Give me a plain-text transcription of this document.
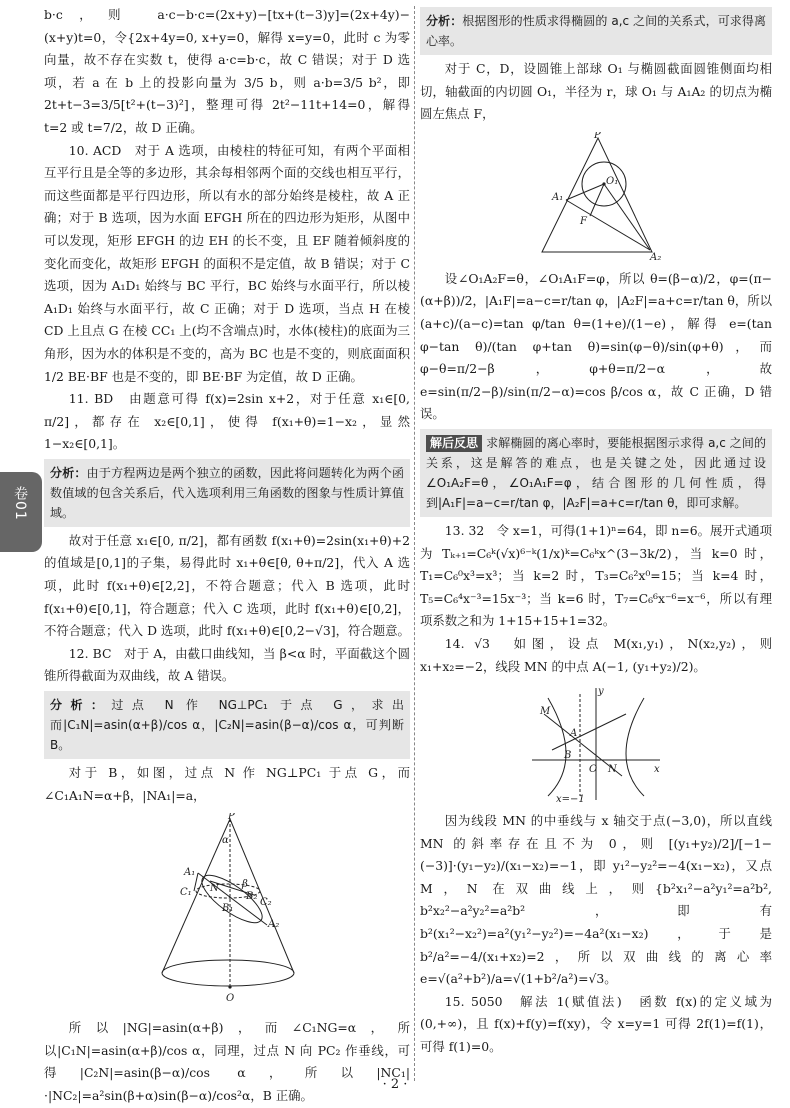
卷01

b·c，则 a·c−b·c=(2x+y)−[tx+(t−3)y]=(2x+4y)−(x+y)t=0，令{2x+4y=0, x+y=0，解得 x=y=0，此时 c 为零向量，故不存在实数 t，使得 a·c=b·c，故 C 错误；对于 D 选项，若 a 在 b 上的投影向量为 3/5 b，则 a·b=3/5 b²，即 2t+t−3=3/5[t²+(t−3)²]，整理可得 2t²−11t+14=0，解得 t=2 或 t=7/2，故 D 正确。

10. ACD　对于 A 选项，由棱柱的特征可知，有两个平面相互平行且是全等的多边形，其余每相邻两个面的交线也相互平行，而这些面都是平行四边形，所以有水的部分始终是棱柱，故 A 正确；对于 B 选项，因为水面 EFGH 所在的四边形为矩形，从图中可以发现，矩形 EFGH 的边 EH 的长不变，且 EF 随着倾斜度的变化而变化，故矩形 EFGH 的面积不是定值，故 B 错误；对于 C 选项，因为 A₁D₁ 始终与 BC 平行，BC 始终与水面平行，所以棱 A₁D₁ 始终与水面平行，故 C 正确；对于 D 选项，当点 H 在棱 CD 上且点 G 在棱 CC₁ 上(均不含端点)时，水体(棱柱)的底面为三角形，因为水的体积是不变的，高为 BC 也是不变的，则底面面积 1/2 BE·BF 也是不变的，即 BE·BF 为定值，故 D 正确。

11. BD　由题意可得 f(x)=2sin x+2，对于任意 x₁∈[0, π/2]，都存在 x₂∈[0,1]，使得 f(x₁+θ)=1−x₂，显然 1−x₂∈[0,1]。

分析：由于方程两边是两个独立的函数，因此将问题转化为两个函数值域的包含关系后，代入选项利用三角函数的图象与性质计算值域。

故对于任意 x₁∈[0, π/2]，都有函数 f(x₁+θ)=2sin(x₁+θ)+2 的值域是[0,1]的子集，易得此时 x₁+θ∈[θ, θ+π/2]，代入 A 选项，此时 f(x₁+θ)∈[2,2]，不符合题意；代入 B 选项，此时 f(x₁+θ)∈[0,1]，符合题意；代入 C 选项，此时 f(x₁+θ)∈[0,2]，不符合题意；代入 D 选项，此时 f(x₁+θ)∈[0,2−√3]，符合题意。

12. BC　对于 A，由截口曲线知，当 β<α 时，平面截这个圆锥所得截面为双曲线，故 A 错误。

分析：过点 N 作 NG⊥PC₁ 于点 G，求出而|C₁N|=asin(α+β)/cos α，|C₂N|=asin(β−α)/cos α，可判断 B。

对于 B，如图，过点 N 作 NG⊥PC₁ 于点 G，而∠C₁A₁N=α+β，|NA₁|=a，

P
α
A₁
C₁ N β
B₂
C₂
B₁
A₂
O

所以|NG|=asin(α+β)，而∠C₁NG=α，所以|C₁N|=asin(α+β)/cos α，同理，过点 N 向 PC₂ 作垂线，可得|C₂N|=asin(β−α)/cos α，所以|NC₁|·|NC₂|=a²sin(β+α)sin(β−α)/cos²α，B 正确。

分析：根据图形的性质求得椭圆的 a,c 之间的关系式，可求得离心率。

对于 C，D，设圆锥上部球 O₁ 与椭圆截面圆锥侧面均相切，轴截面的内切圆 O₁，半径为 r，球 O₁ 与 A₁A₂ 的切点为椭圆左焦点 F，

P
O₁
A₁
F
A₂

设∠O₁A₂F=θ，∠O₁A₁F=φ，所以 θ=(β−α)/2，φ=(π−(α+β))/2，|A₁F|=a−c=r/tan φ，|A₂F|=a+c=r/tan θ，所以 (a+c)/(a−c)=tan φ/tan θ=(1+e)/(1−e)，解得 e=(tan φ−tan θ)/(tan φ+tan θ)=sin(φ−θ)/sin(φ+θ)，而 φ−θ=π/2−β，φ+θ=π/2−α，故 e=sin(π/2−β)/sin(π/2−α)=cos β/cos α，故 C 正确，D 错误。

解后反思 求解椭圆的离心率时，要能根据图示求得 a,c 之间的关系，这是解答的难点，也是关键之处，因此通过设∠O₁A₂F=θ，∠O₁A₁F=φ，结合图形的几何性质，得到|A₁F|=a−c=r/tan φ，|A₂F|=a+c=r/tan θ，即可求解。

13. 32　令 x=1，可得(1+1)ⁿ=64，即 n=6。展开式通项为 Tₖ₊₁=C₆ᵏ(√x)⁶⁻ᵏ(1/x)ᵏ=C₆ᵏx^(3−3k/2)，当 k=0 时，T₁=C₆⁰x³=x³；当 k=2 时，T₃=C₆²x⁰=15；当 k=4 时，T₅=C₆⁴x⁻³=15x⁻³；当 k=6 时，T₇=C₆⁶x⁻⁶=x⁻⁶，所以有理项系数之和为 1+15+15+1=32。

14. √3　如图，设点 M(x₁,y₁)，N(x₂,y₂)，则 x₁+x₂=−2，线段 MN 的中点 A(−1, (y₁+y₂)/2)。

y
x
M
A
B
O N
x=−1

因为线段 MN 的中垂线与 x 轴交于点(−3,0)，所以直线 MN 的斜率存在且不为 0，则 [(y₁+y₂)/2]/[−1−(−3)]·(y₁−y₂)/(x₁−x₂)=−1，即 y₁²−y₂²=−4(x₁−x₂)，又点 M，N 在双曲线上，则{b²x₁²−a²y₁²=a²b², b²x₂²−a²y₂²=a²b²，即有 b²(x₁²−x₂²)=a²(y₁²−y₂²)=−4a²(x₁−x₂)，于是 b²/a²=−4/(x₁+x₂)=2，所以双曲线的离心率 e=√(a²+b²)/a=√(1+b²/a²)=√3。

15. 5050　解法 1(赋值法)　函数 f(x)的定义域为(0,+∞)，且 f(x)+f(y)=f(xy)，令 x=y=1 可得 2f(1)=f(1)，可得 f(1)=0。

· 2 ·
